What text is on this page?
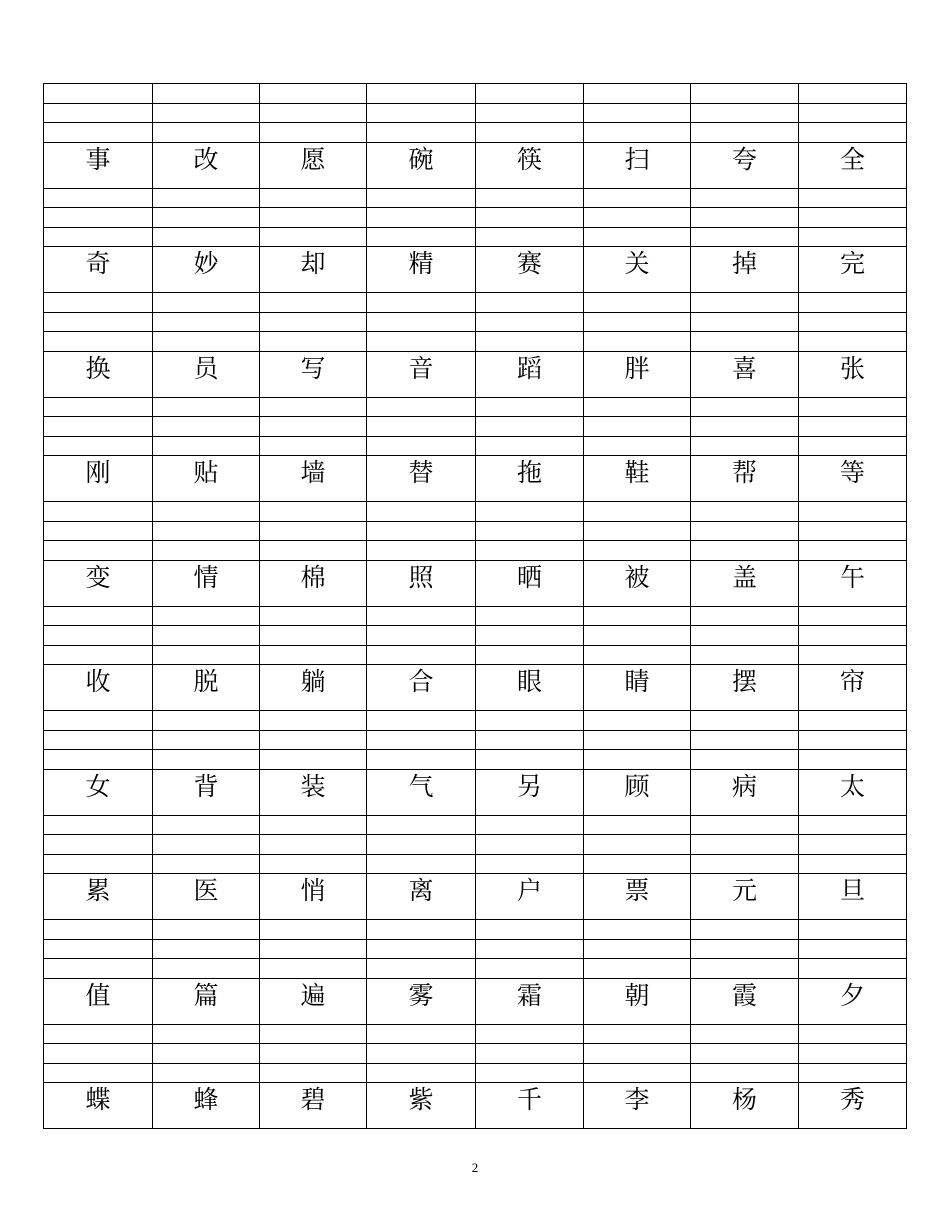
事	改	愿	碗	筷	扫	夸	全
奇	妙	却	精	赛	关	掉	完
换	员	写	音	蹈	胖	喜	张
刚	贴	墙	替	拖	鞋	帮	等
变	情	棉	照	晒	被	盖	午
收	脱	躺	合	眼	睛	摆	帘
女	背	装	气	另	顾	病	太
累	医	悄	离	户	票	元	旦
值	篇	遍	雾	霜	朝	霞	夕
蝶	蜂	碧	紫	千	李	杨	秀
2
